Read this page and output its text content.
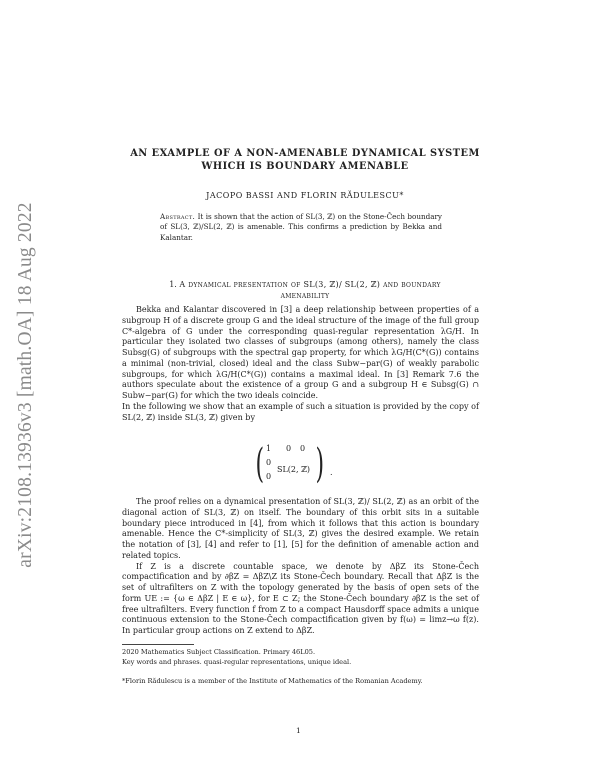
arXiv:2108.13936v3 [math.OA] 18 Aug 2022
AN EXAMPLE OF A NON-AMENABLE DYNAMICAL SYSTEM
WHICH IS BOUNDARY AMENABLE
JACOPO BASSI AND FLORIN RĂDULESCU*
Abstract. It is shown that the action of SL(3, ℤ) on the Stone-Čech boundary of SL(3, ℤ)/SL(2, ℤ) is amenable. This confirms a prediction by Bekka and Kalantar.
1. A dynamical presentation of SL(3, ℤ)/ SL(2, ℤ) and boundary
amenability

Bekka and Kalantar discovered in [3] a deep relationship between properties of a subgroup H of a discrete group G and the ideal structure of the image of the full group C*-algebra of G under the corresponding quasi-regular representation λG/H. In particular they isolated two classes of subgroups (among others), namely the class Subsg(G) of subgroups with the spectral gap property, for which λG/H(C*(G)) contains a minimal (non-trivial, closed) ideal and the class Subw−par(G) of weakly parabolic subgroups, for which λG/H(C*(G)) contains a maximal ideal. In [3] Remark 7.6 the authors speculate about the existence of a group G and a subgroup H ∈ Subsg(G) ∩ Subw−par(G) for which the two ideals coincide.

In the following we show that an example of such a situation is provided by the copy of SL(2, ℤ) inside SL(3, ℤ) given by

( 1 0 0
0
0
SL(2, ℤ) ) .

The proof relies on a dynamical presentation of SL(3, ℤ)/ SL(2, ℤ) as an orbit of the diagonal action of SL(3, ℤ) on itself. The boundary of this orbit sits in a suitable boundary piece introduced in [4], from which it follows that this action is boundary amenable. Hence the C*-simplicity of SL(3, ℤ) gives the desired example. We retain the notation of [3], [4] and refer to [1], [5] for the definition of amenable action and related topics.

If Z is a discrete countable space, we denote by ΔβZ its Stone-Čech compactification and by ∂βZ = ΔβZ\Z its Stone-Čech boundary. Recall that ΔβZ is the set of ultrafilters on Z with the topology generated by the basis of open sets of the form UE := {ω ∈ ΔβZ | E ∈ ω}, for E ⊂ Z; the Stone-Čech boundary ∂βZ is the set of free ultrafilters. Every function f from Z to a compact Hausdorff space admits a unique continuous extension to the Stone-Čech compactification given by f(ω) = limz→ω f(z). In particular group actions on Z extend to ΔβZ.

2020 Mathematics Subject Classification. Primary 46L05.
Key words and phrases. quasi-regular representations, unique ideal.
*Florin Rădulescu is a member of the Institute of Mathematics of the Romanian Academy.
1
